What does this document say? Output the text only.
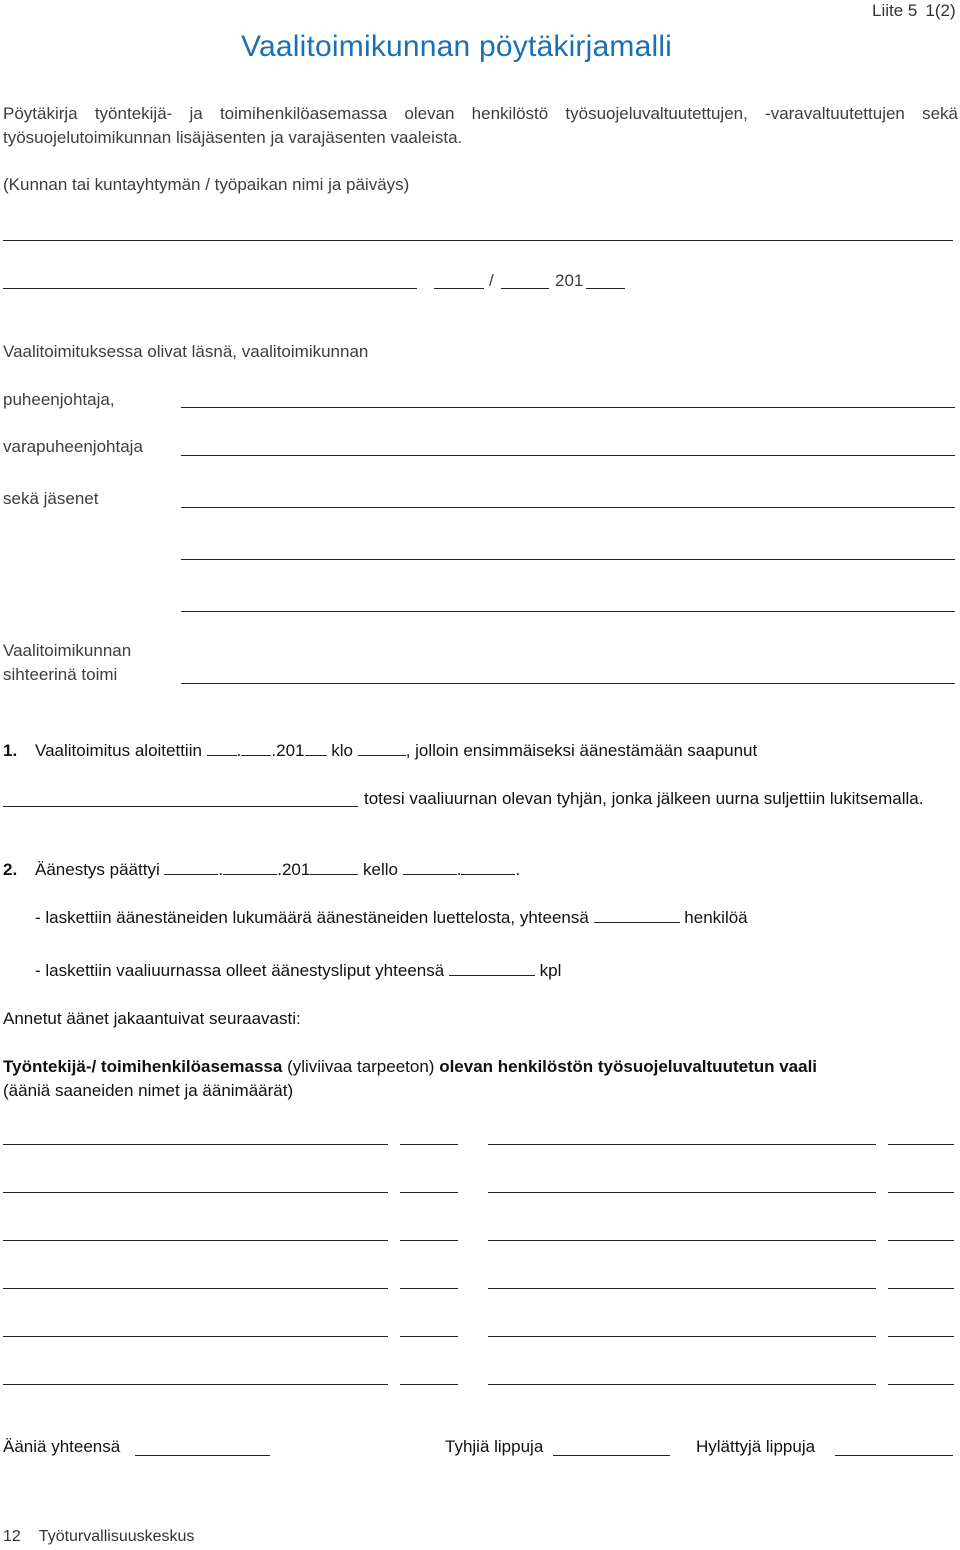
Liite 5 1(2)
Vaalitoimikunnan pöytäkirjamalli
Pöytäkirja työntekijä- ja toimihenkilöasemassa olevan henkilöstö työsuojeluvaltuutettujen, -varavaltuutettujen sekä työsuojelutoimikunnan lisäjäsenten ja varajäsenten vaaleista.
(Kunnan tai kuntayhtymän / työpaikan nimi ja päiväys)
/	201
Vaalitoimituksessa olivat läsnä, vaalitoimikunnan
puheenjohtaja,
varapuheenjohtaja
sekä jäsenet
Vaalitoimikunnan
sihteerinä toimi
1. Vaalitoimitus aloitettiin . .201 klo	, jolloin ensimmäiseksi äänestämään saapunut
totesi vaaliuurnan olevan tyhjän, jonka jälkeen uurna suljettiin lukitsemalla.
2. Äänestys päättyi	.	.201	kello	.	.
- laskettiin äänestäneiden lukumäärä äänestäneiden luettelosta, yhteensä	henkilöä
- laskettiin vaaliuurnassa olleet äänestysliput yhteensä	kpl
Annetut äänet jakaantuivat seuraavasti:
Työntekijä-/ toimihenkilöasemassa (yliviivaa tarpeeton) olevan henkilöstön työsuojeluvaltuutetun vaali
(ääniä saaneiden nimet ja äänimäärät)
Ääniä yhteensä	Tyhjiä lippuja	Hylättyjä lippuja
12 Työturvallisuuskeskus
